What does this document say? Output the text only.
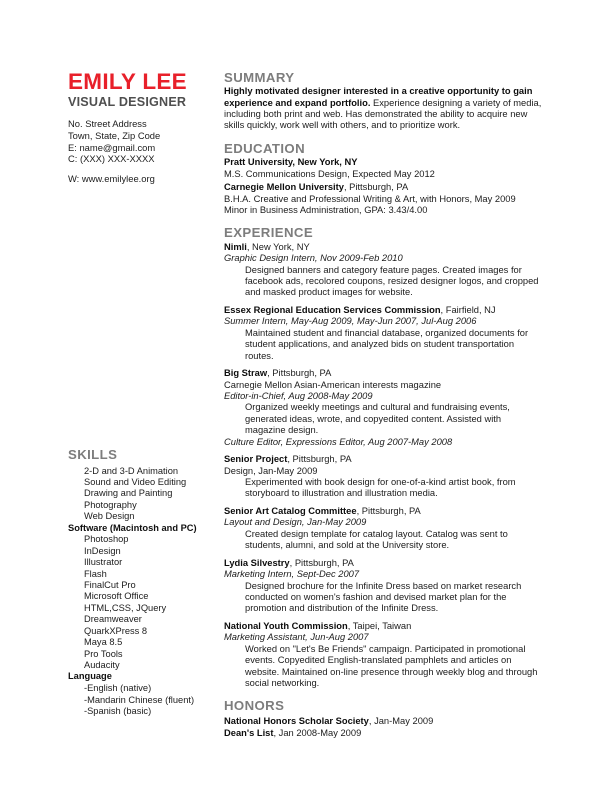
EMILY LEE
VISUAL DESIGNER
No. Street Address
Town, State, Zip Code
E: name@gmail.com
C: (XXX) XXX-XXXX
W: www.emilylee.org
SKILLS
2-D and 3-D Animation
Sound and Video Editing
Drawing and Painting
Photography
Web Design
Software (Macintosh and PC)
Photoshop
InDesign
Illustrator
Flash
FinalCut Pro
Microsoft Office
HTML,CSS, JQuery
Dreamweaver
QuarkXPress 8
Maya 8.5
Pro Tools
Audacity
Language
-English (native)
-Mandarin Chinese (fluent)
-Spanish (basic)
SUMMARY

Highly motivated designer interested in a creative opportunity to gain experience and expand portfolio. Experience designing a variety of media, including both print and web. Has demonstrated the ability to acquire new skills quickly, work well with others, and to prioritize work.

EDUCATION
Pratt University, New York, NY
M.S. Communications Design, Expected May 2012
Carnegie Mellon University, Pittsburgh, PA
B.H.A. Creative and Professional Writing & Art, with Honors, May 2009
Minor in Business Administration, GPA: 3.43/4.00
EXPERIENCE
Nimli, New York, NY
Graphic Design Intern, Nov 2009-Feb 2010
Designed banners and category feature pages. Created images for facebook ads, recolored coupons, resized designer logos, and cropped and masked product images for website.
Essex Regional Education Services Commission, Fairfield, NJ
Summer Intern, May-Aug 2009, May-Jun 2007, Jul-Aug 2006
Maintained student and financial database, organized documents for student applications, and analyzed bids on student transportation routes.
Big Straw, Pittsburgh, PA
Carnegie Mellon Asian-American interests magazine
Editor-in-Chief, Aug 2008-May 2009
Organized weekly meetings and cultural and fundraising events, generated ideas, wrote, and copyedited content. Assisted with magazine design.
Culture Editor, Expressions Editor, Aug 2007-May 2008
Senior Project, Pittsburgh, PA
Design, Jan-May 2009
Experimented with book design for one-of-a-kind artist book, from storyboard to illustration and illustration media.
Senior Art Catalog Committee, Pittsburgh, PA
Layout and Design, Jan-May 2009
Created design template for catalog layout. Catalog was sent to students, alumni, and sold at the University store.
Lydia Silvestry, Pittsburgh, PA
Marketing Intern, Sept-Dec 2007
Designed brochure for the Infinite Dress based on market research conducted on women's fashion and devised market plan for the promotion and distribution of the Infinite Dress.
National Youth Commission, Taipei, Taiwan
Marketing Assistant, Jun-Aug 2007
Worked on "Let's Be Friends" campaign. Participated in promotional events. Copyedited English-translated pamphlets and articles on website. Maintained on-line presence through weekly blog and through social networking.
HONORS
National Honors Scholar Society, Jan-May 2009
Dean's List, Jan 2008-May 2009
